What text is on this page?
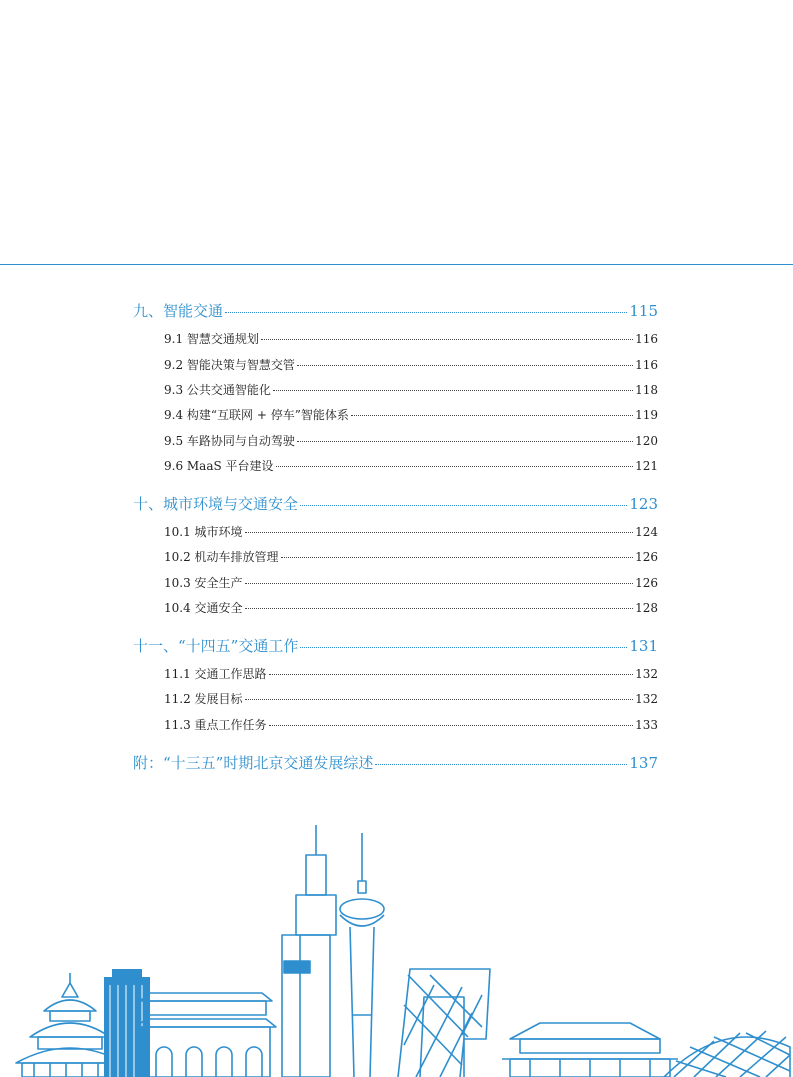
九、智能交通	115
9.1 智慧交通规划	116
9.2 智能决策与智慧交管	116
9.3 公共交通智能化	118
9.4 构建“互联网 + 停车”智能体系	119
9.5 车路协同与自动驾驶	120
9.6 MaaS 平台建设	121
十、城市环境与交通安全	123
10.1 城市环境	124
10.2 机动车排放管理	126
10.3 安全生产	126
10.4 交通安全	128
十一、“十四五”交通工作	131
11.1 交通工作思路	132
11.2 发展目标	132
11.3 重点工作任务	133
附：“十三五”时期北京交通发展综述	137
